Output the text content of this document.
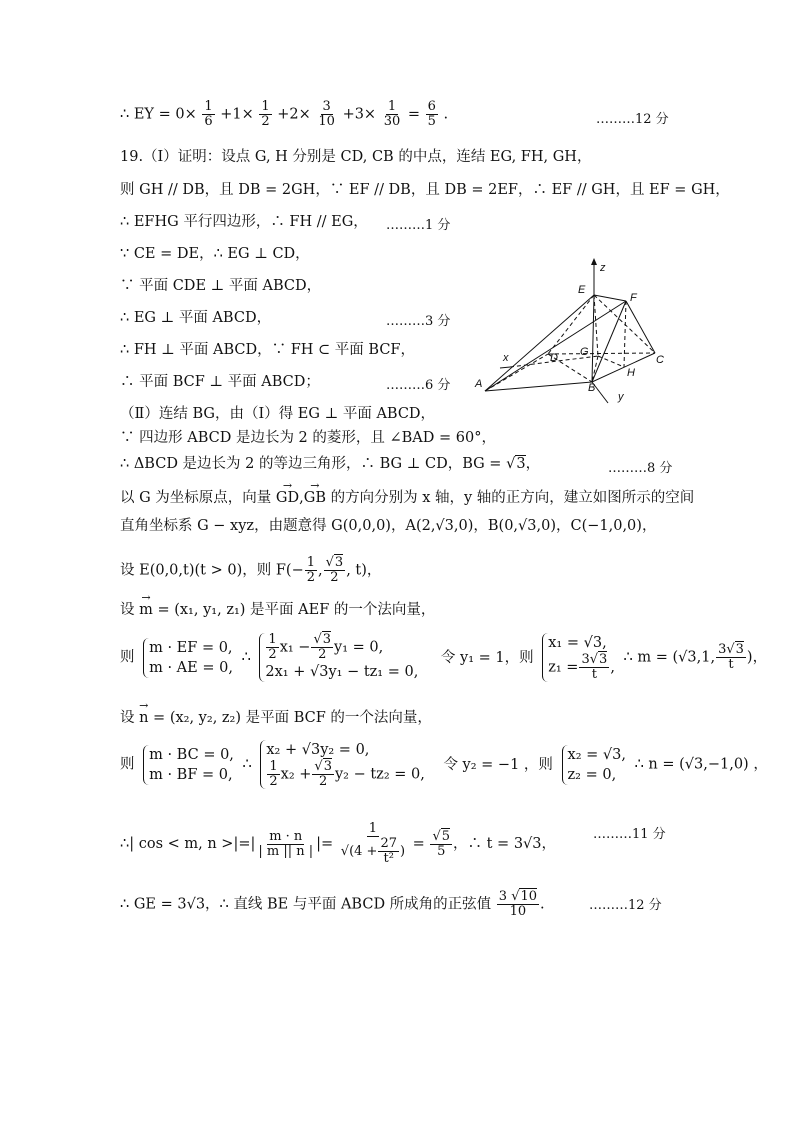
∴ EY = $0\times \frac{1}{6} +1\times \frac{1}{2} +2\times \frac{3}{10} +3\times \frac{1}{30} = \frac{6}{5}$ .	………12 分
19.（Ⅰ）证明：设点 G, H 分别是 CD, CB 的中点，连结 EG, FH, GH，
则 GH // DB，且 DB = 2GH，∵ EF // DB，且 DB = 2EF，∴ EF // GH，且 EF = GH，
∴ EFHG 平行四边形，∴ FH // EG， ………1 分
∵ CE = DE，∴ EG ⊥ CD，
∵ 平面 CDE ⊥ 平面 ABCD，
∴ EG ⊥ 平面 ABCD，	………3 分
∴ FH ⊥ 平面 ABCD，∵ FH ⊂ 平面 BCF，
∴ 平面 BCF ⊥ 平面 ABCD；	………6 分
z
E
F
D G
C
x
H
A	B
y
（Ⅱ）连结 BG，由（Ⅰ）得 EG ⊥ 平面 ABCD，
∵ 四边形 ABCD 是边长为 2 的菱形，且 ∠BAD = 60°，
∴ ΔBCD 是边长为 2 的等边三角形，∴ BG ⊥ CD，BG = √3，	………8 分
以 G 为坐标原点，向量 → GD,→ GB 的方向分别为 x 轴，y 轴的正方向，建立如图所示的空间
直角坐标系 G − xyz，由题意得 G(0,0,0)，A(2,√3,0)，B(0,√3,0)，C(−1,0,0)，
设 E(0,0,t)(t > 0)，则 $F(- \frac{1}{2}$ , $\frac{√3}{2}$ , t)，
设 → m = (x₁, y₁, z₁) 是平面 AEF 的一个法向量，
则
m · EF = 0,
m · AE = 0,
∴ $\frac{1}{2} x_1 - \frac{√3}{2} y_1 = 0$,
2x₁ + √3y₁ − tz₁ = 0,
令 y₁ = 1，则
x₁ = √3,
$z_1 = \frac{3√3}{t}$ ,
∴ m = (√3,1, $\frac{3√3}{t}$ )，
设 → n = (x₂, y₂, z₂) 是平面 BCF 的一个法向量，
则
m · BC = 0,
m · BF = 0,
∴
x₂ + √3y₂ = 0,
$\frac{1}{2} x_2 + \frac{√3}{2} y_2 - tz_2 = 0$,
令 y₂ = −1 ，则
x₂ = √3,
z₂ = 0,
∴ n = (√3,−1,0) ，
∴| cos < m, n >|=| $\frac{m \cdot n}{| m || n |}$ |= $\frac{1}{√(4 + \frac{27}{\text{t²}} )} = \frac{√5}{5}$ ，∴ t = 3√3，
………11 分
∴ GE = 3√3，∴ 直线 BE 与平面 ABCD 所成角的正弦值 $\frac{3 √10}{10}$ .	………12 分
